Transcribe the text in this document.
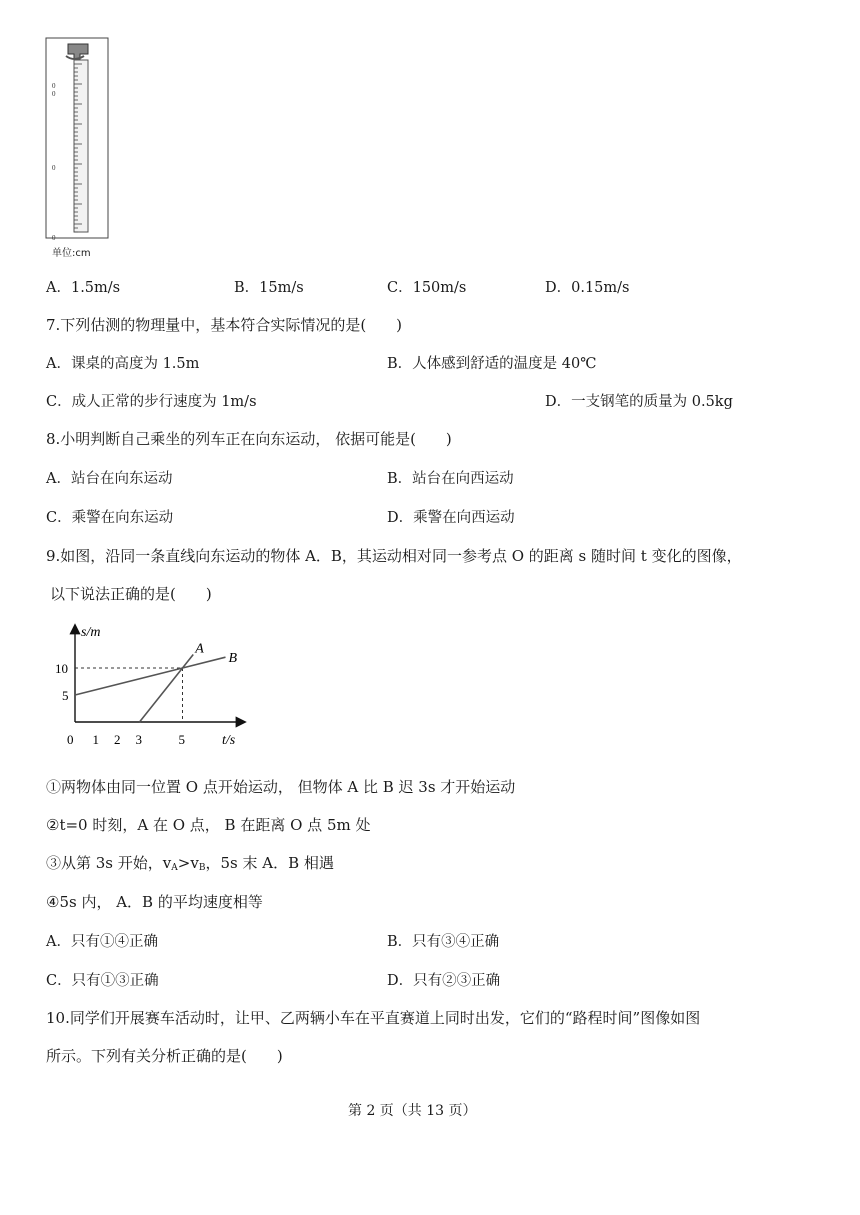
0
0
0
0
单位:cm
A．1.5m/s	B．15m/s	C．150m/s	D．0.15m/s
7.下列估测的物理量中，基本符合实际情况的是(　　)
A．课桌的高度为 1.5m	B．人体感到舒适的温度是 40℃
C．成人正常的步行速度为 1m/s	D．一支钢笔的质量为 0.5kg
8.小明判断自己乘坐的列车正在向东运动， 依据可能是(　　)
A．站台在向东运动	B．站台在向西运动
C．乘警在向东运动	D．乘警在向西运动
9.如图，沿同一条直线向东运动的物体 A．B，其运动相对同一参考点 O 的距离 s 随时间 t 变化的图像，
以下说法正确的是(　　)
s/m
t/s
0 1 2 3	5
5
10
A
B
①两物体由同一位置 O 点开始运动， 但物体 A 比 B 迟 3s 才开始运动
②t=0 时刻，A 在 O 点， B 在距离 O 点 5m 处
③从第 3s 开始，$v_A>v_B$，5s 末 A．B 相遇
④5s 内， A．B 的平均速度相等
A．只有①④正确	B．只有③④正确
C．只有①③正确	D．只有②③正确
10.同学们开展赛车活动时，让甲、乙两辆小车在平直赛道上同时出发，它们的“路程时间”图像如图
所示。下列有关分析正确的是(　　)
第 2 页（共 13 页）
